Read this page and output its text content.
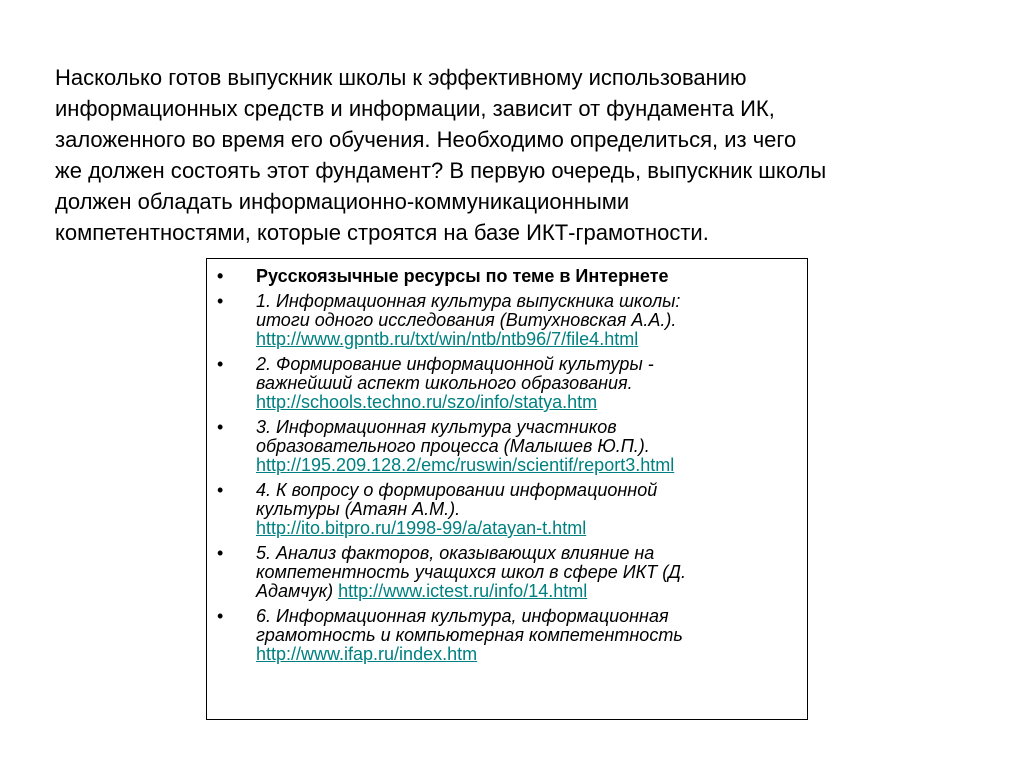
Насколько готов выпускник школы к эффективному использованию
информационных средств и информации, зависит от фундамента ИК,
заложенного во время его обучения. Необходимо определиться, из чего
же должен состоять этот фундамент? В первую очередь, выпускник школы
должен обладать информационно-коммуникационными
компетентностями, которые строятся на базе ИКТ-грамотности.

• Русскоязычные ресурсы по теме в Интернете
• 1. Информационная культура выпускника школы:
итоги одного исследования (Витухновская А.А.).
http://www.gpntb.ru/txt/win/ntb/ntb96/7/file4.html
• 2. Формирование информационной культуры -
важнейший аспект школьного образования.
http://schools.techno.ru/szo/info/statya.htm
• 3. Информационная культура участников
образовательного процесса (Малышев Ю.П.).
http://195.209.128.2/emc/ruswin/scientif/report3.html
• 4. К вопросу о формировании информационной
культуры (Атаян А.М.).
http://ito.bitpro.ru/1998-99/a/atayan-t.html
• 5. Анализ факторов, оказывающих влияние на
компетентность учащихся школ в сфере ИКТ (Д.
Адамчук) http://www.ictest.ru/info/14.html
• 6. Информационная культура, информационная
грамотность и компьютерная компетентность
http://www.ifap.ru/index.htm
